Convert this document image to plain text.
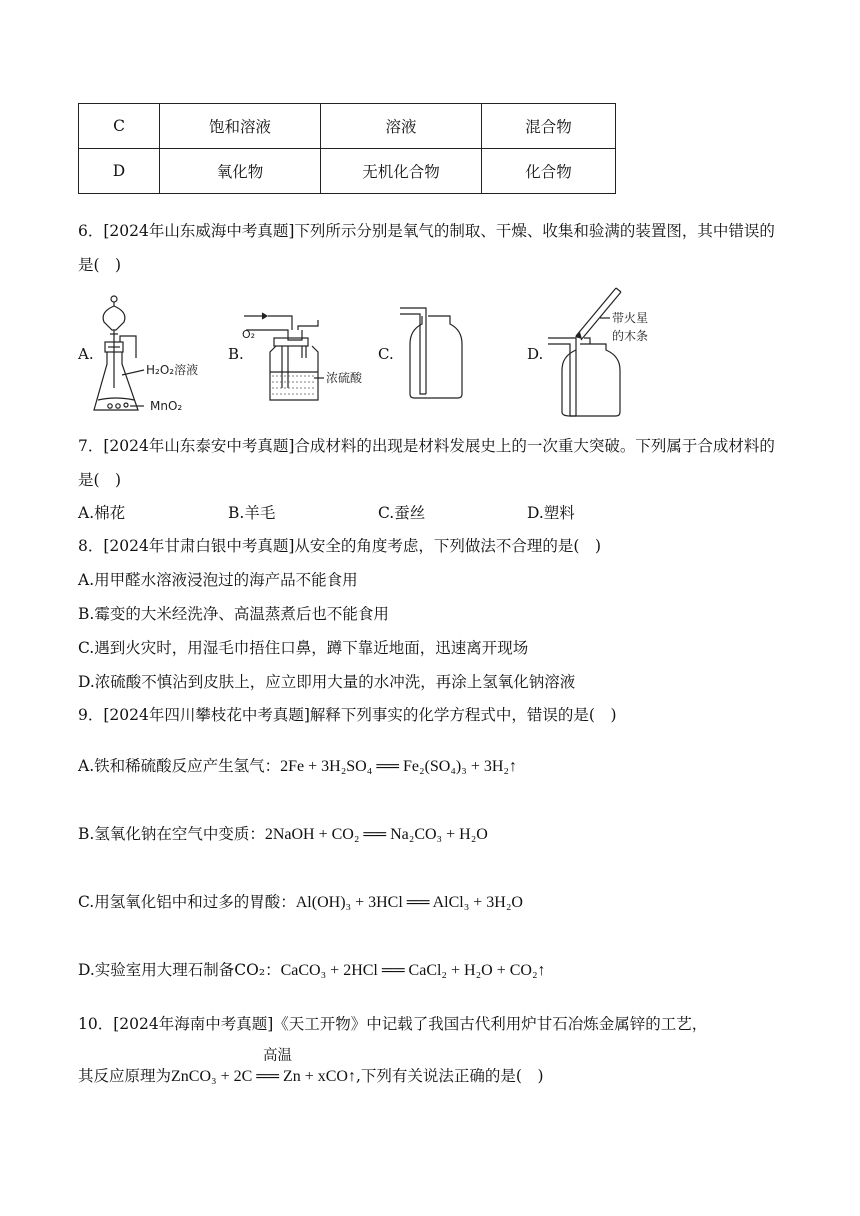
C	饱和溶液	溶液	混合物
D	氧化物	无机化合物	化合物
6．[2024年山东威海中考真题]下列所示分别是氧气的制取、干燥、收集和验满的装置图，其中错误的是(　)
A.	B.	C.	D.
H₂O₂溶液
MnO₂
O₂
浓硫酸
带火星
的木条
7．[2024年山东泰安中考真题]合成材料的出现是材料发展史上的一次重大突破。下列属于合成材料的是(　)
A.棉花	B.羊毛	C.蚕丝	D.塑料
8．[2024年甘肃白银中考真题]从安全的角度考虑，下列做法不合理的是(　)
A.用甲醛水溶液浸泡过的海产品不能食用
B.霉变的大米经洗净、高温蒸煮后也不能食用
C.遇到火灾时，用湿毛巾捂住口鼻，蹲下靠近地面，迅速离开现场
D.浓硫酸不慎沾到皮肤上，应立即用大量的水冲洗，再涂上氢氧化钠溶液
9．[2024年四川攀枝花中考真题]解释下列事实的化学方程式中，错误的是(　)
A.铁和稀硫酸反应产生氢气：2Fe + 3H₂SO₄ ══ Fe₂(SO₄)₃ + 3H₂↑
B.氢氧化钠在空气中变质：2NaOH + CO₂ ══ Na₂CO₃ + H₂O
C.用氢氧化铝中和过多的胃酸：Al(OH)₃ + 3HCl ══ AlCl₃ + 3H₂O
D.实验室用大理石制备CO₂：CaCO₃ + 2HCl ══ CaCl₂ + H₂O + CO₂↑
10．[2024年海南中考真题]《天工开物》中记载了我国古代利用炉甘石冶炼金属锌的工艺，
高温
其反应原理为ZnCO₃ + 2C ══ Zn + xCO↑,下列有关说法正确的是(　)
